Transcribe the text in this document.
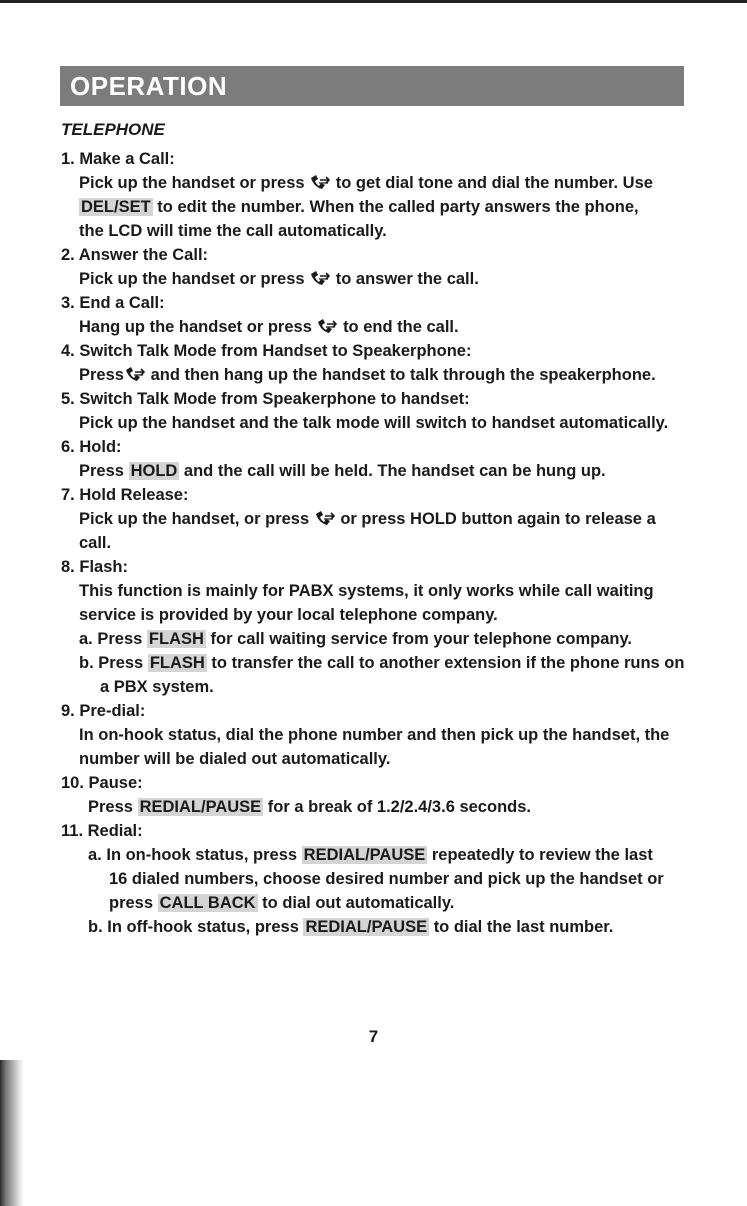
OPERATION
TELEPHONE
1. Make a Call:
Pick up the handset or press to get dial tone and dial the number. Use
DEL/SET to edit the number. When the called party answers the phone,
the LCD will time the call automatically.
2. Answer the Call:
Pick up the handset or press to answer the call.
3. End a Call:
Hang up the handset or press to end the call.
4. Switch Talk Mode from Handset to Speakerphone:
Press and then hang up the handset to talk through the speakerphone.
5. Switch Talk Mode from Speakerphone to handset:
Pick up the handset and the talk mode will switch to handset automatically.
6. Hold:
Press HOLD and the call will be held. The handset can be hung up.
7. Hold Release:
Pick up the handset, or press or press HOLD button again to release a
call.
8. Flash:
This function is mainly for PABX systems, it only works while call waiting
service is provided by your local telephone company.
a. Press FLASH for call waiting service from your telephone company.
b. Press FLASH to transfer the call to another extension if the phone runs on
a PBX system.
9. Pre-dial:
In on-hook status, dial the phone number and then pick up the handset, the
number will be dialed out automatically.
10. Pause:
Press REDIAL/PAUSE for a break of 1.2/2.4/3.6 seconds.
11. Redial:
a. In on-hook status, press REDIAL/PAUSE repeatedly to review the last
16 dialed numbers, choose desired number and pick up the handset or
press CALL BACK to dial out automatically.
b. In off-hook status, press REDIAL/PAUSE to dial the last number.
7
